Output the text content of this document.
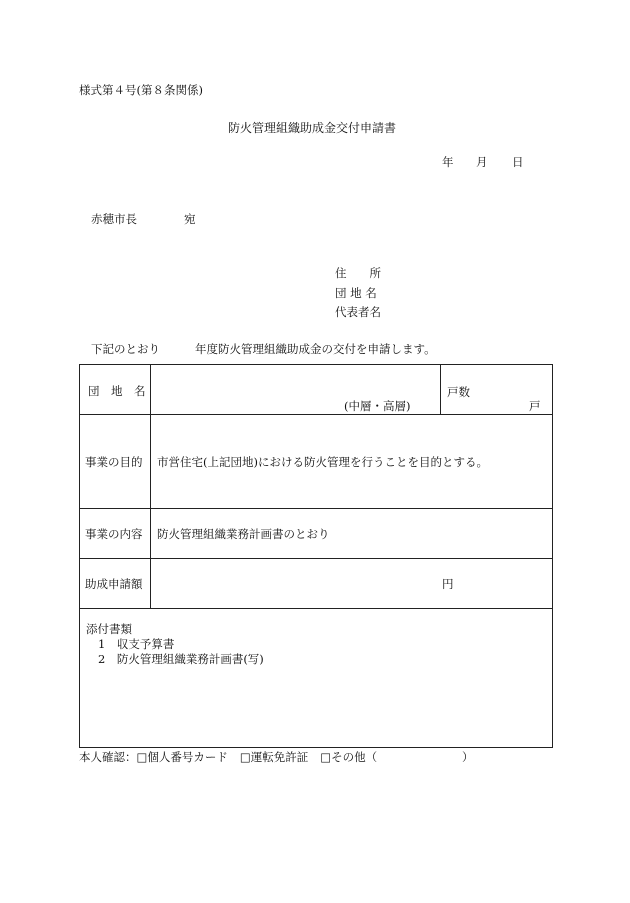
様式第４号(第８条関係)
防火管理組織助成金交付申請書
年 月 日
赤穂市長	宛
住　　所
団 地 名
代表者名
下記のとおり	年度防火管理組織助成金の交付を申請します。
団　地　名	(中層・高層)	戸数
戸

事業の目的	市営住宅(上記団地)における防火管理を行うことを目的とする。	
事業の内容	防火管理組織業務計画書のとおり	
助成申請額	円	

添付書類
1　収支予算書
2　防火管理組織業務計画書(写)		
本人確認：□個人番号カード □運転免許証 □その他（	）
